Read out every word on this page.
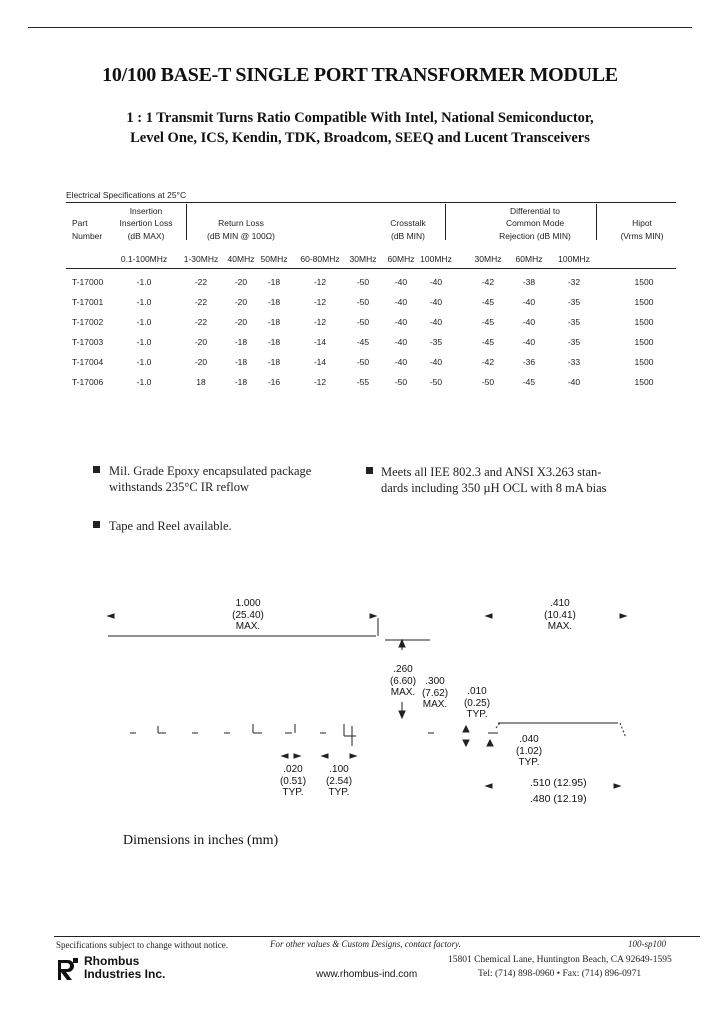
10/100 BASE-T SINGLE PORT TRANSFORMER MODULE

1 : 1 Transmit Turns Ratio Compatible With Intel, National Semiconductor,

Level One, ICS, Kendin, TDK, Broadcom, SEEQ and Lucent Transceivers

Electrical Specifications at 25°C
Part
Number
Insertion
Insertion Loss
(dB MAX)
Return Loss
(dB MIN @ 100Ω)
Crosstalk
(dB MIN)
Differential to
Common Mode
Rejection (dB MIN)
Hipot
(Vrms MIN)
0.1-100MHz	1-30MHz	40MHz 50MHz	60-80MHz	30MHz	60MHz 100MHz	30MHz	60MHz	100MHz
T-17000	-1.0	-22	-20	-18	-12	-50	-40	-40	-42	-38	-32	1500
T-17001	-1.0	-22	-20	-18	-12	-50	-40	-40	-45	-40	-35	1500
T-17002	-1.0	-22	-20	-18	-12	-50	-40	-40	-45	-40	-35	1500
T-17003	-1.0	-20	-18	-18	-14	-45	-40	-35	-45	-40	-35	1500
T-17004	-1.0	-20	-18	-18	-14	-50	-40	-40	-42	-36	-33	1500
T-17006	-1.0	18	-18	-16	-12	-55	-50	-50	-50	-45	-40	1500
Mil. Grade Epoxy encapsulated package
withstands 235°C IR reflow
Meets all IEE 802.3 and ANSI X3.263 stan-
dards including 350 µH OCL with 8 mA bias
Tape and Reel available.
1.000
(25.40)
MAX.
.410
(10.41)
MAX.
.260
(6.60)
MAX.
.300
(7.62)
MAX.
.010
(0.25)
TYP.
.020
(0.51)
TYP.
.100
(2.54)
TYP.
.040
(1.02)
TYP.
.510 (12.95)
.480 (12.19)
Dimensions in inches (mm)
Specifications subject to change without notice.	For other values & Custom Designs, contact factory.	100-sp100
Rhombus
Industries Inc.
15801 Chemical Lane, Huntington Beach, CA 92649-1595
www.rhombus-ind.com	Tel: (714) 898-0960 • Fax: (714) 896-0971
